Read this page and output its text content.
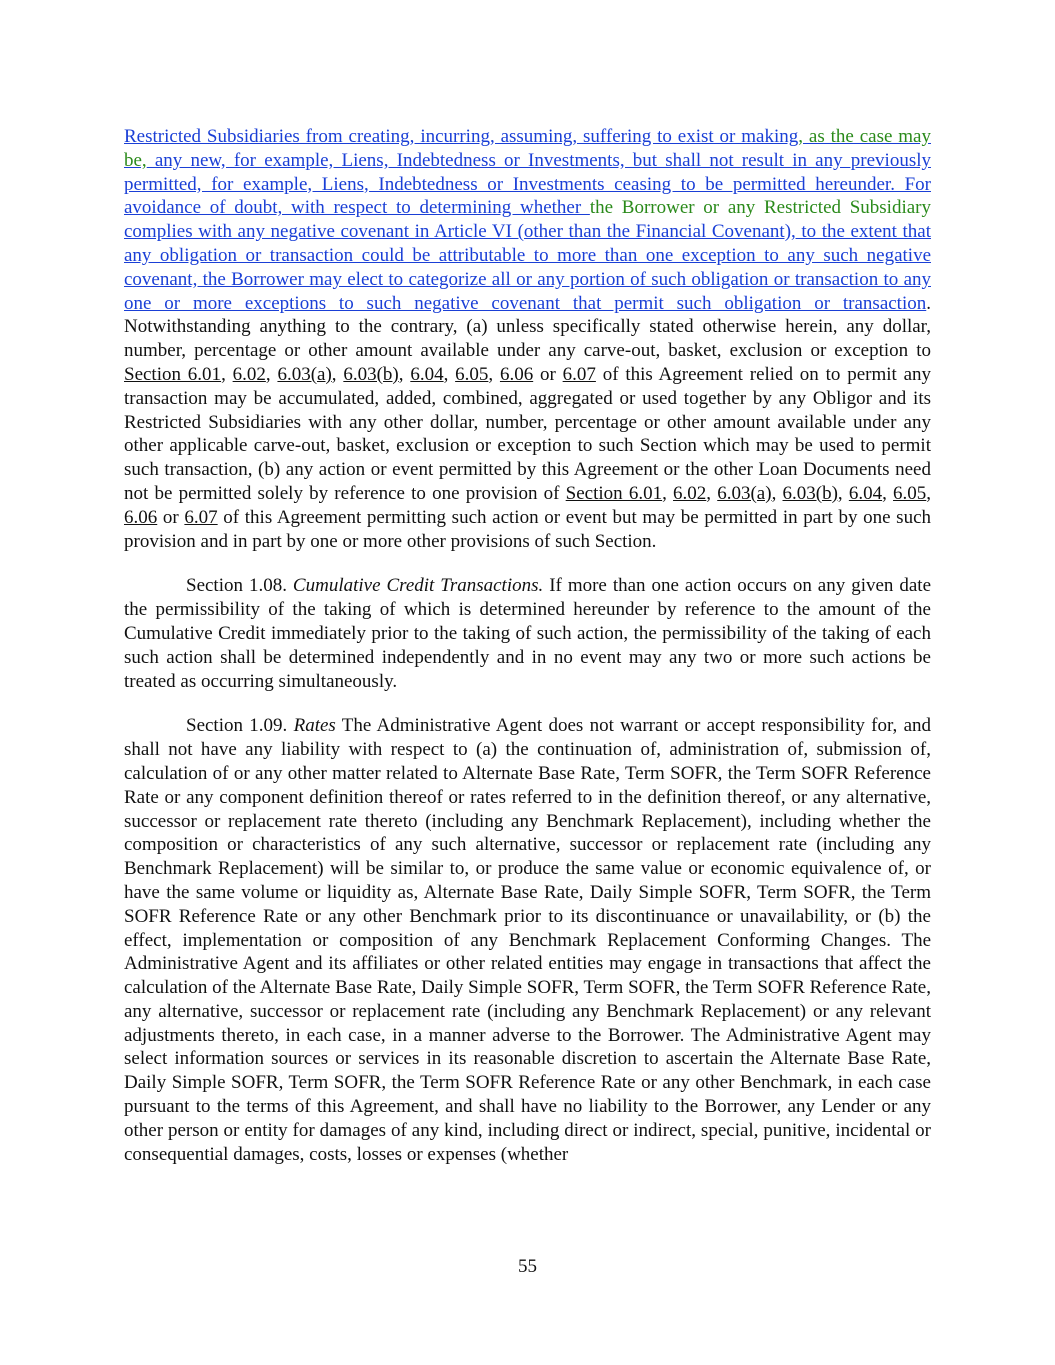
Restricted Subsidiaries from creating, incurring, assuming, suffering to exist or making, as the case may be, any new, for example, Liens, Indebtedness or Investments, but shall not result in any previously permitted, for example, Liens, Indebtedness or Investments ceasing to be permitted hereunder. For avoidance of doubt, with respect to determining whether the Borrower or any Restricted Subsidiary complies with any negative covenant in Article VI (other than the Financial Covenant), to the extent that any obligation or transaction could be attributable to more than one exception to any such negative covenant, the Borrower may elect to categorize all or any portion of such obligation or transaction to any one or more exceptions to such negative covenant that permit such obligation or transaction. Notwithstanding anything to the contrary, (a) unless specifically stated otherwise herein, any dollar, number, percentage or other amount available under any carve-out, basket, exclusion or exception to Section 6.01, 6.02, 6.03(a), 6.03(b), 6.04, 6.05, 6.06 or 6.07 of this Agreement relied on to permit any transaction may be accumulated, added, combined, aggregated or used together by any Obligor and its Restricted Subsidiaries with any other dollar, number, percentage or other amount available under any other applicable carve-out, basket, exclusion or exception to such Section which may be used to permit such transaction, (b) any action or event permitted by this Agreement or the other Loan Documents need not be permitted solely by reference to one provision of Section 6.01, 6.02, 6.03(a), 6.03(b), 6.04, 6.05, 6.06 or 6.07 of this Agreement permitting such action or event but may be permitted in part by one such provision and in part by one or more other provisions of such Section.

Section 1.08. Cumulative Credit Transactions. If more than one action occurs on any given date the permissibility of the taking of which is determined hereunder by reference to the amount of the Cumulative Credit immediately prior to the taking of such action, the permissibility of the taking of each such action shall be determined independently and in no event may any two or more such actions be treated as occurring simultaneously.

Section 1.09. Rates The Administrative Agent does not warrant or accept responsibility for, and shall not have any liability with respect to (a) the continuation of, administration of, submission of, calculation of or any other matter related to Alternate Base Rate, Term SOFR, the Term SOFR Reference Rate or any component definition thereof or rates referred to in the definition thereof, or any alternative, successor or replacement rate thereto (including any Benchmark Replacement), including whether the composition or characteristics of any such alternative, successor or replacement rate (including any Benchmark Replacement) will be similar to, or produce the same value or economic equivalence of, or have the same volume or liquidity as, Alternate Base Rate, Daily Simple SOFR, Term SOFR, the Term SOFR Reference Rate or any other Benchmark prior to its discontinuance or unavailability, or (b) the effect, implementation or composition of any Benchmark Replacement Conforming Changes. The Administrative Agent and its affiliates or other related entities may engage in transactions that affect the calculation of the Alternate Base Rate, Daily Simple SOFR, Term SOFR, the Term SOFR Reference Rate, any alternative, successor or replacement rate (including any Benchmark Replacement) or any relevant adjustments thereto, in each case, in a manner adverse to the Borrower. The Administrative Agent may select information sources or services in its reasonable discretion to ascertain the Alternate Base Rate, Daily Simple SOFR, Term SOFR, the Term SOFR Reference Rate or any other Benchmark, in each case pursuant to the terms of this Agreement, and shall have no liability to the Borrower, any Lender or any other person or entity for damages of any kind, including direct or indirect, special, punitive, incidental or consequential damages, costs, losses or expenses (whether

55
